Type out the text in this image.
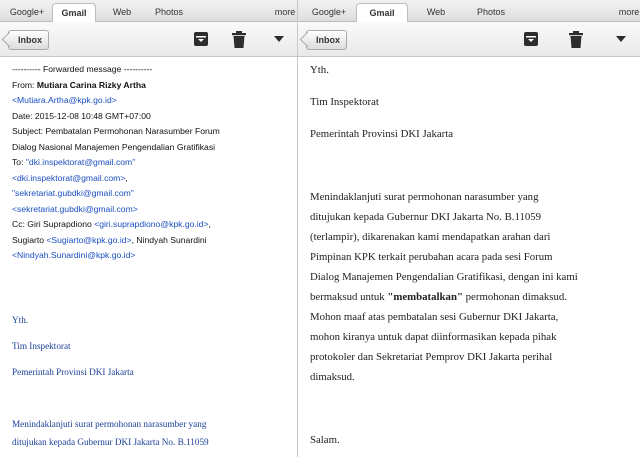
Google+	Gmail	Web	Photos	more
Inbox
---------- Forwarded message ----------
From: Mutiara Carina Rizky Artha
<Mutiara.Artha@kpk.go.id>
Date: 2015-12-08 10:48 GMT+07:00
Subject: Pembatalan Permohonan Narasumber Forum
Dialog Nasional Manajemen Pengendalian Gratifikasi
To: "dki.inspektorat@gmail.com"
<dki.inspektorat@gmail.com>,
"sekretariat.gubdki@gmail.com"
<sekretariat.gubdki@gmail.com>
Cc: Giri Suprapdiono <giri.suprapdiono@kpk.go.id>,
Sugiarto <Sugiarto@kpk.go.id>, Nindyah Sunardini
<Nindyah.Sunardini@kpk.go.id>
Yth.
Tim Inspektorat
Pemerintah Provinsi DKI Jakarta
Menindaklanjuti surat permohonan narasumber yang
ditujukan kepada Gubernur DKI Jakarta No. B.11059
Google+	Gmail	Web	Photos	more
Inbox
Yth.
Tim Inspektorat
Pemerintah Provinsi DKI Jakarta
Menindaklanjuti surat permohonan narasumber yang
ditujukan kepada Gubernur DKI Jakarta No. B.11059
(terlampir), dikarenakan kami mendapatkan arahan dari
Pimpinan KPK terkait perubahan acara pada sesi Forum
Dialog Manajemen Pengendalian Gratifikasi, dengan ini kami
bermaksud untuk "membatalkan" permohonan dimaksud.
Mohon maaf atas pembatalan sesi Gubernur DKI Jakarta,
mohon kiranya untuk dapat diinformasikan kepada pihak
protokoler dan Sekretariat Pemprov DKI Jakarta perihal
dimaksud.
Salam.
